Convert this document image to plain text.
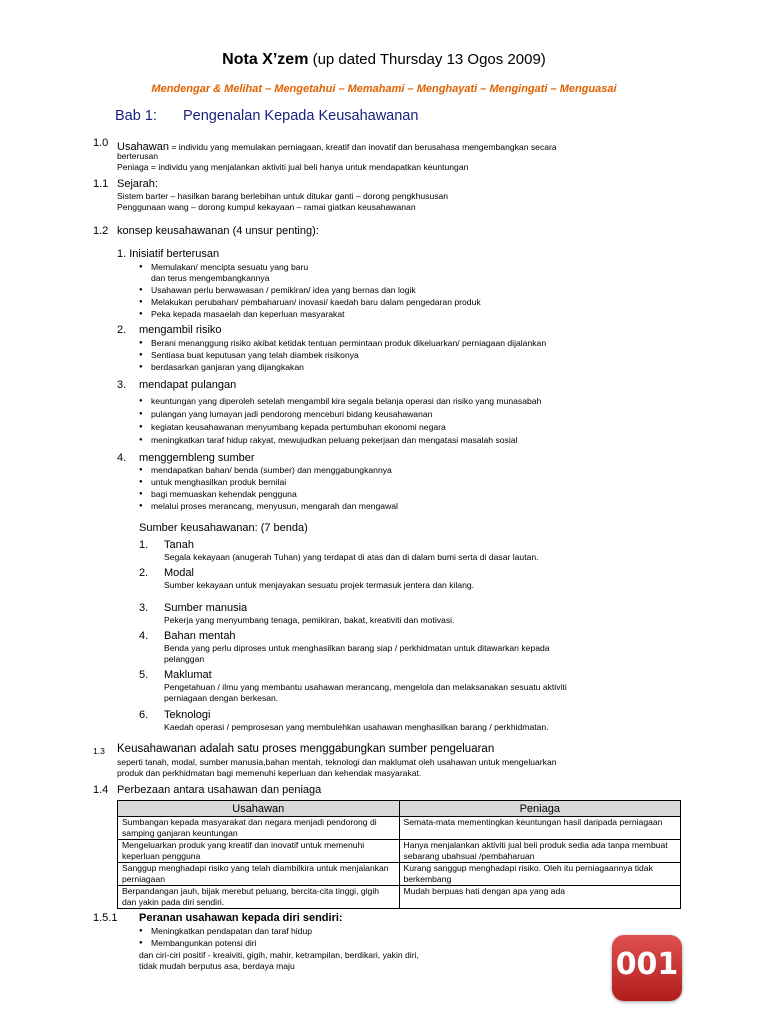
Nota X’zem (up dated Thursday 13 Ogos 2009)
Mendengar & Melihat – Mengetahui – Memahami – Menghayati – Mengingati – Menguasai
Bab 1: Pengenalan Kepada Keusahawanan
1.0 Usahawan = individu yang memulakan perniagaan, kreatif dan inovatif dan berusahasa mengembangkan secara
berterusan
Peniaga = individu yang menjalankan aktiviti jual beli hanya untuk mendapatkan keuntungan
1.1 Sejarah:
Sistem barter – hasilkan barang berlebihan untuk ditukar ganti – dorong pengkhususan
Penggunaan wang – dorong kumpul kekayaan – ramai giatkan keusahawanan
1.2 konsep keusahawanan (4 unsur penting):
1. Inisiatif berterusan
● Memulakan/ mencipta sesuatu yang baru
dan terus mengembangkannya
● Usahawan perlu berwawasan / pemikiran/ idea yang bernas dan logik
● Melakukan perubahan/ pembaharuan/ inovasi/ kaedah baru dalam pengedaran produk
● Peka kepada masaelah dan keperluan masyarakat
2. mengambil risiko
● Berani menanggung risiko akibat ketidak tentuan permintaan produk dikeluarkan/ perniagaan dijalankan
● Sentiasa buat keputusan yang telah diambek risikonya
● berdasarkan ganjaran yang dijangkakan
3. mendapat pulangan
● keuntungan yang diperoleh setelah mengambil kira segala belanja operasi dan risiko yang munasabah
● pulangan yang lumayan jadi pendorong menceburi bidang keusahawanan
● kegiatan keusahawanan menyumbang kepada pertumbuhan ekonomi negara
● meningkatkan taraf hidup rakyat, mewujudkan peluang pekerjaan dan mengatasi masalah sosial
4. menggembleng sumber
● mendapatkan bahan/ benda (sumber) dan menggabungkannya
● untuk menghasilkan produk bernilai
● bagi memuaskan kehendak pengguna
● melalui proses merancang, menyusun, mengarah dan mengawal
Sumber keusahawanan: (7 benda)
1. Tanah
Segala kekayaan (anugerah Tuhan) yang terdapat di atas dan di dalam bumi serta di dasar lautan.
2. Modal
Sumber kekayaan untuk menjayakan sesuatu projek termasuk jentera dan kilang.
3. Sumber manusia
Pekerja yang menyumbang tenaga, pemikiran, bakat, kreativiti dan motivasi.
4. Bahan mentah
Benda yang perlu diproses untuk menghasilkan barang siap / perkhidmatan untuk ditawarkan kepada
pelanggan
5. Maklumat
Pengetahuan / ilmu yang membantu usahawan merancang, mengelola dan melaksanakan sesuatu aktiviti
perniagaan dengan berkesan.
6. Teknologi
Kaedah operasi / pemprosesan yang membulehkan usahawan menghasilkan barang / perkhidmatan.
1.3 Keusahawanan adalah satu proses menggabungkan sumber pengeluaran
seperti tanah, modal, sumber manusia,bahan mentah, teknologi dan maklumat oleh usahawan untuk mengeluarkan
produk dan perkhidmatan bagi memenuhi keperluan dan kehendak masyarakat.
1.4 Perbezaan antara usahawan dan peniaga
Usahawan	Peniaga
Sumbangan kepada masyarakat dan negara menjadi pendorong di samping ganjaran keuntungan	Semata-mata mementingkan keuntungan hasil daripada perniagaan
Mengeluarkan produk yang kreatif dan inovatif untuk memenuhi keperluan pengguna	Hanya menjalankan aktiviti jual beli produk sedia ada tanpa membuat sebarang ubahsuai /pembaharuan
Sanggup menghadapi risiko yang telah diambilkira untuk menjalankan perniagaan	Kurang sanggup menghadapi risiko. Oleh itu perniagaannya tidak berkembang
Berpandangan jauh, bijak merebut peluang, bercita-cita tinggi, gigih dan yakin pada diri sendiri.	Mudah berpuas hati dengan apa yang ada
1.5.1 Peranan usahawan kepada diri sendiri:
● Meningkatkan pendapatan dan taraf hidup
● Membangunkan potensi diri
dan ciri-ciri positif - kreaiviti, gigih, mahir, ketrampilan, berdikari, yakin diri,
tidak mudah berputus asa, berdaya maju	001
